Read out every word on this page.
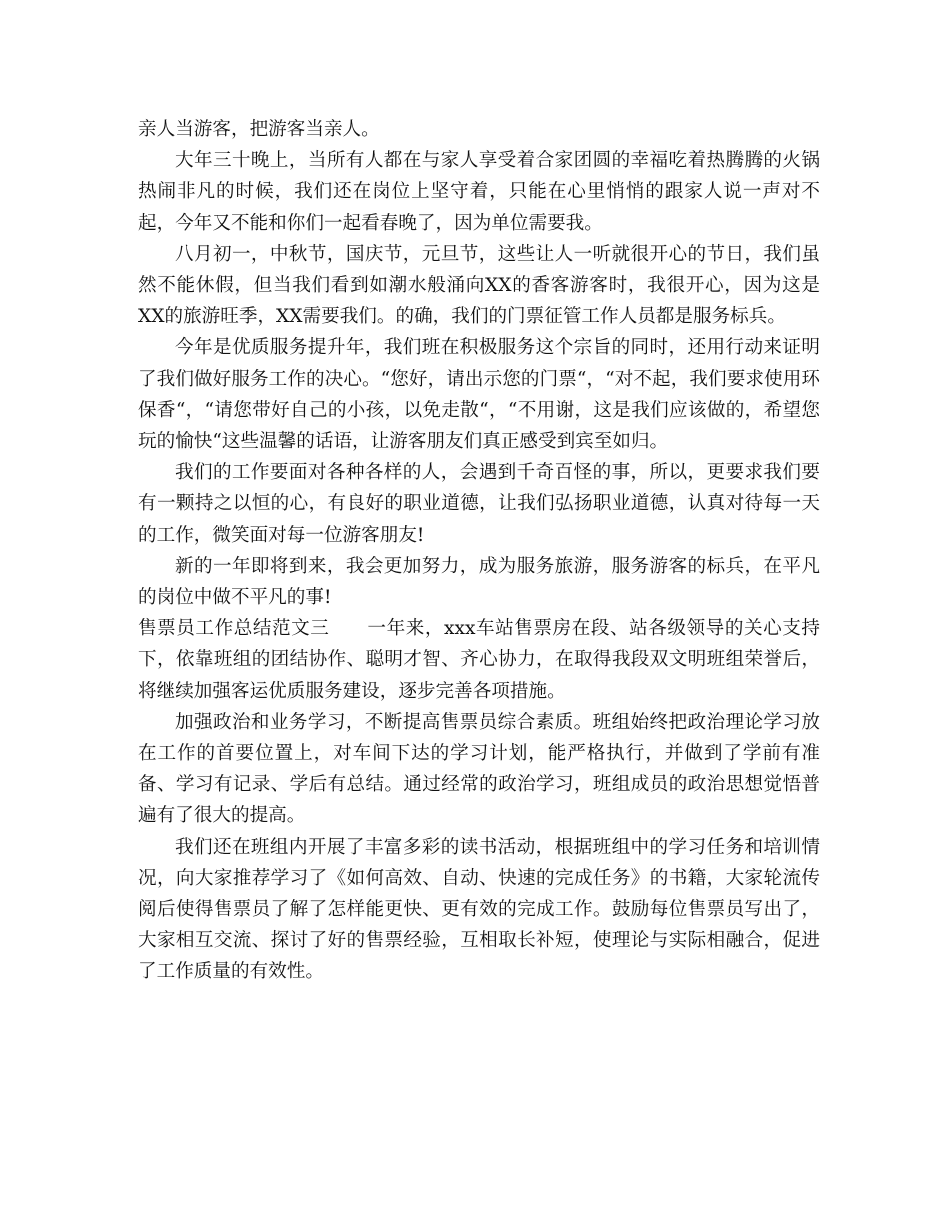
亲人当游客，把游客当亲人。

大年三十晚上，当所有人都在与家人享受着合家团圆的幸福吃着热腾腾的火锅热闹非凡的时候，我们还在岗位上坚守着，只能在心里悄悄的跟家人说一声对不起，今年又不能和你们一起看春晚了，因为单位需要我。

八月初一，中秋节，国庆节，元旦节，这些让人一听就很开心的节日，我们虽然不能休假，但当我们看到如潮水般涌向XX的香客游客时，我很开心，因为这是XX的旅游旺季，XX需要我们。的确，我们的门票征管工作人员都是服务标兵。

今年是优质服务提升年，我们班在积极服务这个宗旨的同时，还用行动来证明了我们做好服务工作的决心。“您好，请出示您的门票“，“对不起，我们要求使用环保香“，“请您带好自己的小孩，以免走散“，“不用谢，这是我们应该做的，希望您玩的愉快“这些温馨的话语，让游客朋友们真正感受到宾至如归。

我们的工作要面对各种各样的人，会遇到千奇百怪的事，所以，更要求我们要有一颗持之以恒的心，有良好的职业道德，让我们弘扬职业道德，认真对待每一天的工作，微笑面对每一位游客朋友!

新的一年即将到来，我会更加努力，成为服务旅游，服务游客的标兵，在平凡的岗位中做不平凡的事!

售票员工作总结范文三 一年来，xxx车站售票房在段、站各级领导的关心支持下，依靠班组的团结协作、聪明才智、齐心协力，在取得我段双文明班组荣誉后，将继续加强客运优质服务建设，逐步完善各项措施。

加强政治和业务学习，不断提高售票员综合素质。班组始终把政治理论学习放在工作的首要位置上，对车间下达的学习计划，能严格执行，并做到了学前有准备、学习有记录、学后有总结。通过经常的政治学习，班组成员的政治思想觉悟普遍有了很大的提高。

我们还在班组内开展了丰富多彩的读书活动，根据班组中的学习任务和培训情况，向大家推荐学习了《如何高效、自动、快速的完成任务》的书籍，大家轮流传阅后使得售票员了解了怎样能更快、更有效的完成工作。鼓励每位售票员写出了，大家相互交流、探讨了好的售票经验，互相取长补短，使理论与实际相融合，促进了工作质量的有效性。
